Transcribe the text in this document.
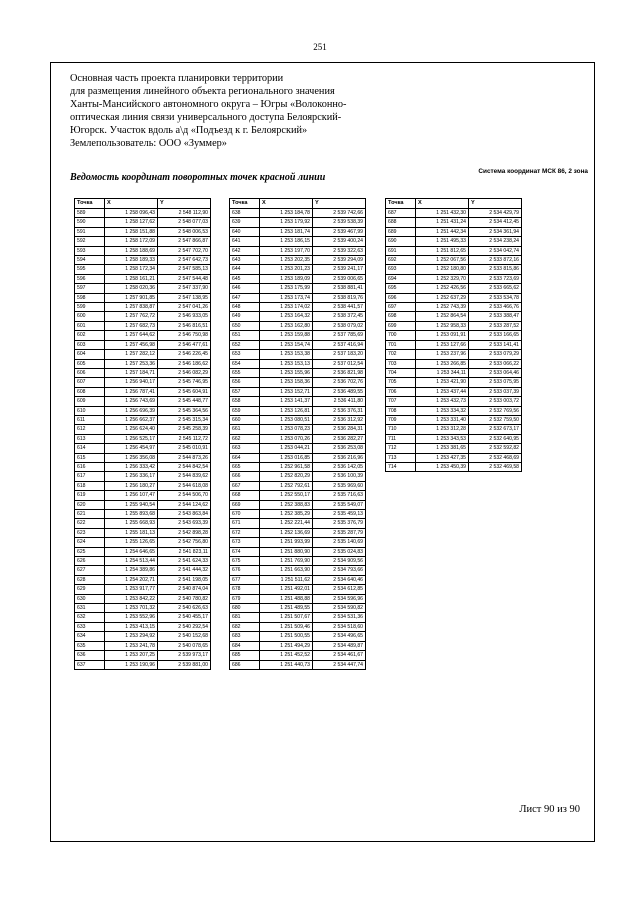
251
Основная часть проекта планировки территории
для размещения линейного объекта регионального значения
Ханты-Мансийского автономного округа – Югры «Волоконно-
оптическая линия связи универсального доступа Белоярский-
Югорск. Участок вдоль а\д «Подъезд к г. Белоярский»
Землепользователь: ООО «Зуммер»
Система координат МСК 86, 2 зона
Ведомость координат поворотных точек красной линии
Точка	X	Y
589	1 258 096,43	2 548 112,90
590	1 258 127,62	2 548 077,03
591	1 258 151,88	2 548 006,53
592	1 258 172,09	2 547 866,87
593	1 258 188,69	2 547 702,70
594	1 258 189,33	2 547 642,73
595	1 258 172,34	2 547 585,13
596	1 258 161,21	2 547 544,48
597	1 258 020,36	2 547 337,90
598	1 257 901,85	2 547 138,95
599	1 257 838,87	2 547 041,26
600	1 257 762,72	2 546 933,05
601	1 257 682,73	2 546 816,51
602	1 257 644,62	2 546 750,98
603	1 257 456,98	2 546 477,61
604	1 257 282,12	2 546 226,45
605	1 257 253,36	2 546 186,62
606	1 257 184,71	2 546 082,29
607	1 256 940,17	2 545 746,95
608	1 256 787,41	2 545 604,91
609	1 256 743,69	2 545 448,77
610	1 256 696,39	2 545 364,56
611	1 256 662,37	2 545 315,34
612	1 256 624,40	2 545 258,39
613	1 256 525,17	2 545 112,72
614	1 256 454,97	2 545 010,91
615	1 256 356,08	2 544 873,26
616	1 256 333,42	2 544 842,54
617	1 256 336,17	2 544 839,62
618	1 256 180,27	2 544 618,08
619	1 256 107,47	2 544 506,70
620	1 255 940,54	2 544 124,62
621	1 255 893,68	2 543 863,84
622	1 255 668,93	2 543 693,39
623	1 255 181,13	2 542 898,28
624	1 255 126,65	2 542 756,80
625	1 254 646,65	2 541 823,11
626	1 254 513,44	2 541 624,33
627	1 254 389,86	2 541 444,32
628	1 254 202,71	2 541 198,05
629	1 253 917,77	2 540 874,04
630	1 253 842,22	2 540 780,82
631	1 253 701,32	2 540 626,63
632	1 253 552,96	2 540 455,17
633	1 253 413,15	2 540 292,54
634	1 253 294,92	2 540 152,68
635	1 253 241,78	2 540 078,65
636	1 253 207,25	2 539 973,17
637	1 253 190,96	2 539 881,00
Точка	X	Y
638	1 253 184,78	2 539 742,66
639	1 253 179,92	2 539 538,39
640	1 253 181,74	2 539 467,99
641	1 253 186,15	2 539 400,24
642	1 253 197,70	2 539 322,63
643	1 253 202,35	2 539 294,09
644	1 253 201,23	2 539 241,17
645	1 253 189,09	2 539 006,65
646	1 253 175,99	2 538 881,41
647	1 253 173,74	2 538 819,76
648	1 253 174,02	2 538 441,57
649	1 253 164,32	2 538 372,45
650	1 253 162,80	2 538 079,02
651	1 253 159,88	2 537 785,69
652	1 253 154,74	2 537 416,94
653	1 253 153,38	2 537 183,20
654	1 253 153,13	2 537 012,54
655	1 253 155,96	2 536 821,98
656	1 253 158,36	2 536 702,76
657	1 253 152,71	2 536 489,55
658	1 253 141,37	2 536 411,80
659	1 253 126,81	2 536 376,31
660	1 253 080,51	2 536 312,92
661	1 253 078,23	2 536 284,31
662	1 253 070,26	2 536 282,27
663	1 253 044,21	2 536 253,08
664	1 253 016,85	2 536 216,96
665	1 252 961,58	2 536 142,05
666	1 252 820,29	2 536 100,39
667	1 252 792,61	2 535 969,60
668	1 252 550,17	2 535 716,63
669	1 252 388,83	2 535 549,07
670	1 252 385,29	2 535 459,13
671	1 252 221,44	2 535 376,79
672	1 252 136,69	2 535 287,79
673	1 251 993,99	2 535 140,69
674	1 251 880,90	2 535 024,83
675	1 251 769,90	2 534 909,56
676	1 251 663,90	2 534 793,66
677	1 251 511,62	2 534 640,46
678	1 251 492,01	2 534 612,85
679	1 251 488,88	2 534 596,96
680	1 251 489,55	2 534 590,82
681	1 251 507,67	2 534 531,36
682	1 251 509,46	2 534 518,60
683	1 251 500,55	2 534 496,65
684	1 251 494,29	2 534 489,87
685	1 251 452,52	2 534 461,67
686	1 251 440,73	2 534 447,74
Точка	X	Y
687	1 251 432,30	2 534 429,79
688	1 251 431,24	2 534 412,45
689	1 251 442,34	2 534 361,94
690	1 251 495,33	2 534 238,24
691	1 251 812,65	2 534 042,74
692	1 252 067,56	2 533 872,16
693	1 252 180,80	2 533 815,86
694	1 252 329,70	2 533 723,69
695	1 252 426,56	2 533 665,62
696	1 252 637,29	2 533 534,78
697	1 252 743,39	2 533 466,76
698	1 252 864,54	2 533 388,47
699	1 252 958,33	2 533 287,52
700	1 253 091,91	2 533 166,65
701	1 253 127,66	2 533 141,41
702	1 253 237,96	2 533 079,29
703	1 253 266,85	2 533 066,22
704	1 253 344,11	2 533 064,46
705	1 253 421,90	2 533 075,95
706	1 253 437,44	2 533 037,39
707	1 253 432,73	2 533 003,72
708	1 253 334,32	2 532 769,56
709	1 253 331,40	2 532 759,50
710	1 253 312,28	2 532 673,17
711	1 253 343,53	2 532 640,95
712	1 253 381,65	2 532 592,82
713	1 253 427,35	2 532 468,69
714	1 253 450,39	2 532 469,58
Лист 90 из 90
